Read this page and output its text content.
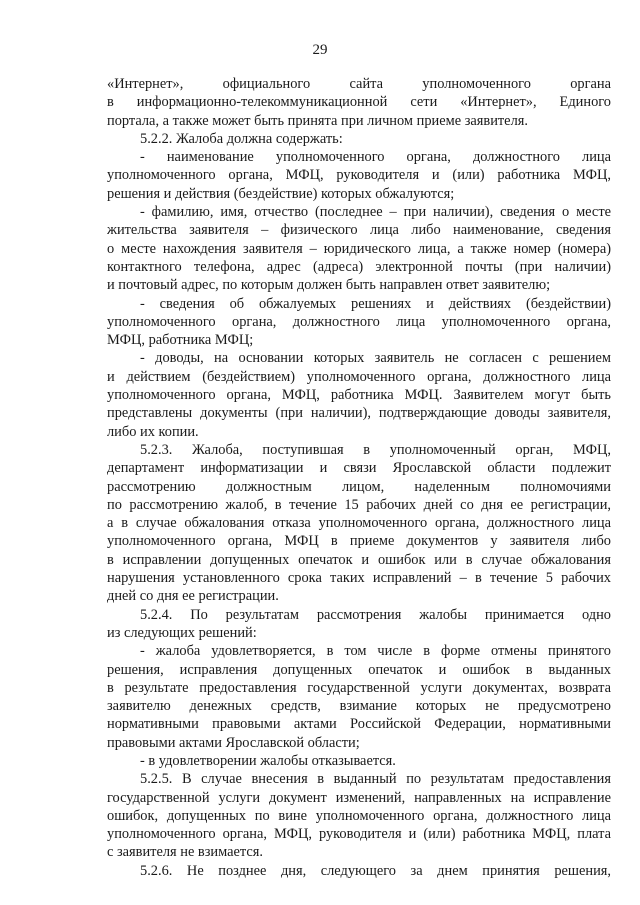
29
«Интернет», официального сайта уполномоченного органа
в информационно-телекоммуникационной сети «Интернет», Единого
портала, а также может быть принята при личном приеме заявителя.
5.2.2. Жалоба должна содержать:
- наименование уполномоченного органа, должностного лица
уполномоченного органа, МФЦ, руководителя и (или) работника МФЦ,
решения и действия (бездействие) которых обжалуются;
- фамилию, имя, отчество (последнее – при наличии), сведения о месте
жительства заявителя – физического лица либо наименование, сведения
о месте нахождения заявителя – юридического лица, а также номер (номера)
контактного телефона, адрес (адреса) электронной почты (при наличии)
и почтовый адрес, по которым должен быть направлен ответ заявителю;
- сведения об обжалуемых решениях и действиях (бездействии)
уполномоченного органа, должностного лица уполномоченного органа,
МФЦ, работника МФЦ;
- доводы, на основании которых заявитель не согласен с решением
и действием (бездействием) уполномоченного органа, должностного лица
уполномоченного органа, МФЦ, работника МФЦ. Заявителем могут быть
представлены документы (при наличии), подтверждающие доводы заявителя,
либо их копии.
5.2.3. Жалоба, поступившая в уполномоченный орган, МФЦ,
департамент информатизации и связи Ярославской области подлежит
рассмотрению должностным лицом, наделенным полномочиями
по рассмотрению жалоб, в течение 15 рабочих дней со дня ее регистрации,
а в случае обжалования отказа уполномоченного органа, должностного лица
уполномоченного органа, МФЦ в приеме документов у заявителя либо
в исправлении допущенных опечаток и ошибок или в случае обжалования
нарушения установленного срока таких исправлений – в течение 5 рабочих
дней со дня ее регистрации.
5.2.4. По результатам рассмотрения жалобы принимается одно
из следующих решений:
- жалоба удовлетворяется, в том числе в форме отмены принятого
решения, исправления допущенных опечаток и ошибок в выданных
в результате предоставления государственной услуги документах, возврата
заявителю денежных средств, взимание которых не предусмотрено
нормативными правовыми актами Российской Федерации, нормативными
правовыми актами Ярославской области;
- в удовлетворении жалобы отказывается.
5.2.5. В случае внесения в выданный по результатам предоставления
государственной услуги документ изменений, направленных на исправление
ошибок, допущенных по вине уполномоченного органа, должностного лица
уполномоченного органа, МФЦ, руководителя и (или) работника МФЦ, плата
с заявителя не взимается.
5.2.6. Не позднее дня, следующего за днем принятия решения,
